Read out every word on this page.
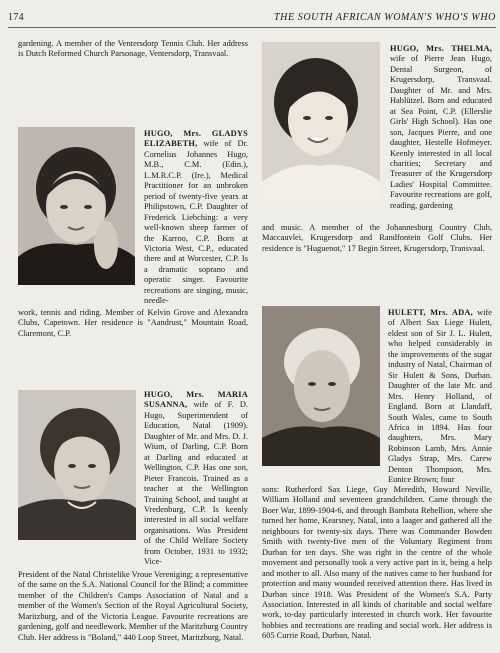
174	THE SOUTH AFRICAN WOMAN'S WHO'S WHO
gardening. A member of the Ventersdorp Tennis Club. Her address is Dutch Reformed Church Parsonage, Ventersdorp, Transvaal.
HUGO, Mrs. GLADYS ELIZABETH, wife of Dr. Cornelius Johannes Hugo, M.B., C.M. (Edin.), L.M.R.C.P. (Ire.), Medical Practitioner for an unbroken period of twenty-five years at Philipstown, C.P. Daughter of Frederick Liebching: a very well-known sheep farmer of the Karroo, C.P. Born at Victoria West, C.P., educated there and at Worcester, C.P. Is a dramatic soprano and operatic singer. Favourite recreations are singing, music, needle-
work, tennis and riding. Member of Kelvin Grove and Alexandra Clubs, Capetown. Her residence is "Aandrust," Mountain Road, Claremont, C.P.
HUGO, Mrs. MARIA SUSANNA, wife of F. D. Hugo, Superintendent of Education, Natal (1909). Daughter of Mr. and Mrs. D. J. Wium, of Darling, C.P. Born at Darling and educated at Wellington, C.P. Has one son, Pieter Francois. Trained as a teacher at the Wellington Training School, and taught at Vredenburg, C.P. Is keenly interested in all social welfare organisations. Was President of the Child Welfare Society from October, 1931 to 1932; Vice-
President of the Natal Christelike Vroue Vereniging; a representative of the same on the S.A. National Council for the Blind; a committee member of the Children's Camps Association of Natal and a member of the Women's Section of the Royal Agricultural Society, Maritzburg, and of the Victoria League. Favourite recreations are gardening, golf and needlework. Member of the Maritzburg Country Club. Her address is "Boland," 440 Loop Street, Maritzburg, Natal.
HUGO, Mrs. THELMA, wife of Pierre Jean Hugo, Dental Surgeon, of Krugersdorp, Transvaal. Daughter of Mr. and Mrs. Hablützel. Born and educated at Sea Point, C.P. (Ellerslie Girls' High School). Has one son, Jacques Pierre, and one daughter, Hestelle Hofmeyer. Keenly interested in all local charities; Secretary and Treasurer of the Krugersdorp Ladies' Hospital Committee. Favourite recreations are golf, reading, gardening
and music. A member of the Johannesburg Country Club, Maccauvlei, Krugersdorp and Randfontein Golf Clubs. Her residence is "Huguenot," 17 Begin Street, Krugersdorp, Transvaal.
HULETT, Mrs. ADA, wife of Albert Sax Liege Hulett, eldest son of Sir J. L. Hulett, who helped considerably in the improvements of the sugar industry of Natal, Chairman of Sir Hulett & Sons, Durban. Daughter of the late Mr. and Mrs. Henry Holland, of England. Born at Llandaff, South Wales, came to South Africa in 1894. Has four daughters, Mrs. Mary Robinson Lamb, Mrs. Annie Gladys Strap, Mrs. Carew Denton Thompson, Mrs. Eunice Brown; four
sons: Rutherford Sax Liege, Guy Meredith, Howard Neville, William Holland and seventeen grandchildren. Came through the Boer War, 1899-1904-6, and through Bambata Rebellion, where she turned her home, Kearsney, Natal, into a laager and gathered all the neighbours for twenty-six days. There was Commander Bowden Smith with twenty-five men of the Voluntary Regiment from Durban for ten days. She was right in the centre of the whole movement and personally took a very active part in it, being a help and mother to all. Also many of the natives came to her husband for protection and many wounded received attention there. Has lived in Durban since 1918. Was President of the Women's S.A. Party Association. Interested in all kinds of charitable and social welfare work, to-day particularly interested in church work. Her favourite hobbies and recreations are reading and social work. Her address is 605 Currie Road, Durban, Natal.
